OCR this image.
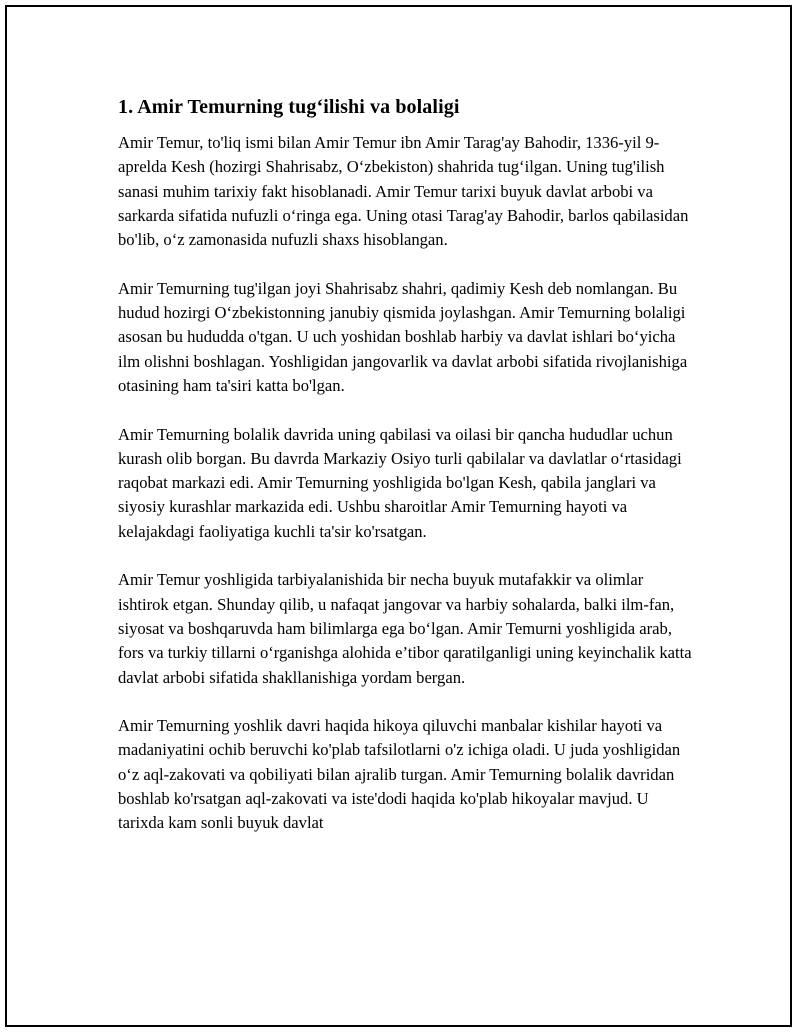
1. Amir Temurning tug‘ilishi va bolaligi

Amir Temur, to'liq ismi bilan Amir Temur ibn Amir Tarag'ay Bahodir, 1336-yil 9-aprelda Kesh (hozirgi Shahrisabz, O‘zbekiston) shahrida tug‘ilgan. Uning tug'ilish sanasi muhim tarixiy fakt hisoblanadi. Amir Temur tarixi buyuk davlat arbobi va sarkarda sifatida nufuzli o‘ringa ega. Uning otasi Tarag'ay Bahodir, barlos qabilasidan bo'lib, o‘z zamonasida nufuzli shaxs hisoblangan.

Amir Temurning tug'ilgan joyi Shahrisabz shahri, qadimiy Kesh deb nomlangan. Bu hudud hozirgi O‘zbekistonning janubiy qismida joylashgan. Amir Temurning bolaligi asosan bu hududda o'tgan. U uch yoshidan boshlab harbiy va davlat ishlari bo‘yicha ilm olishni boshlagan. Yoshligidan jangovarlik va davlat arbobi sifatida rivojlanishiga otasining ham ta'siri katta bo'lgan.

Amir Temurning bolalik davrida uning qabilasi va oilasi bir qancha hududlar uchun kurash olib borgan. Bu davrda Markaziy Osiyo turli qabilalar va davlatlar o‘rtasidagi raqobat markazi edi. Amir Temurning yoshligida bo'lgan Kesh, qabila janglari va siyosiy kurashlar markazida edi. Ushbu sharoitlar Amir Temurning hayoti va kelajakdagi faoliyatiga kuchli ta'sir ko'rsatgan.

Amir Temur yoshligida tarbiyalanishida bir necha buyuk mutafakkir va olimlar ishtirok etgan. Shunday qilib, u nafaqat jangovar va harbiy sohalarda, balki ilm-fan, siyosat va boshqaruvda ham bilimlarga ega bo‘lgan. Amir Temurni yoshligida arab, fors va turkiy tillarni o‘rganishga alohida e’tibor qaratilganligi uning keyinchalik katta davlat arbobi sifatida shakllanishiga yordam bergan.

Amir Temurning yoshlik davri haqida hikoya qiluvchi manbalar kishilar hayoti va madaniyatini ochib beruvchi ko'plab tafsilotlarni o'z ichiga oladi. U juda yoshligidan o‘z aql-zakovati va qobiliyati bilan ajralib turgan. Amir Temurning bolalik davridan boshlab ko'rsatgan aql-zakovati va iste'dodi haqida ko'plab hikoyalar mavjud. U tarixda kam sonli buyuk davlat
